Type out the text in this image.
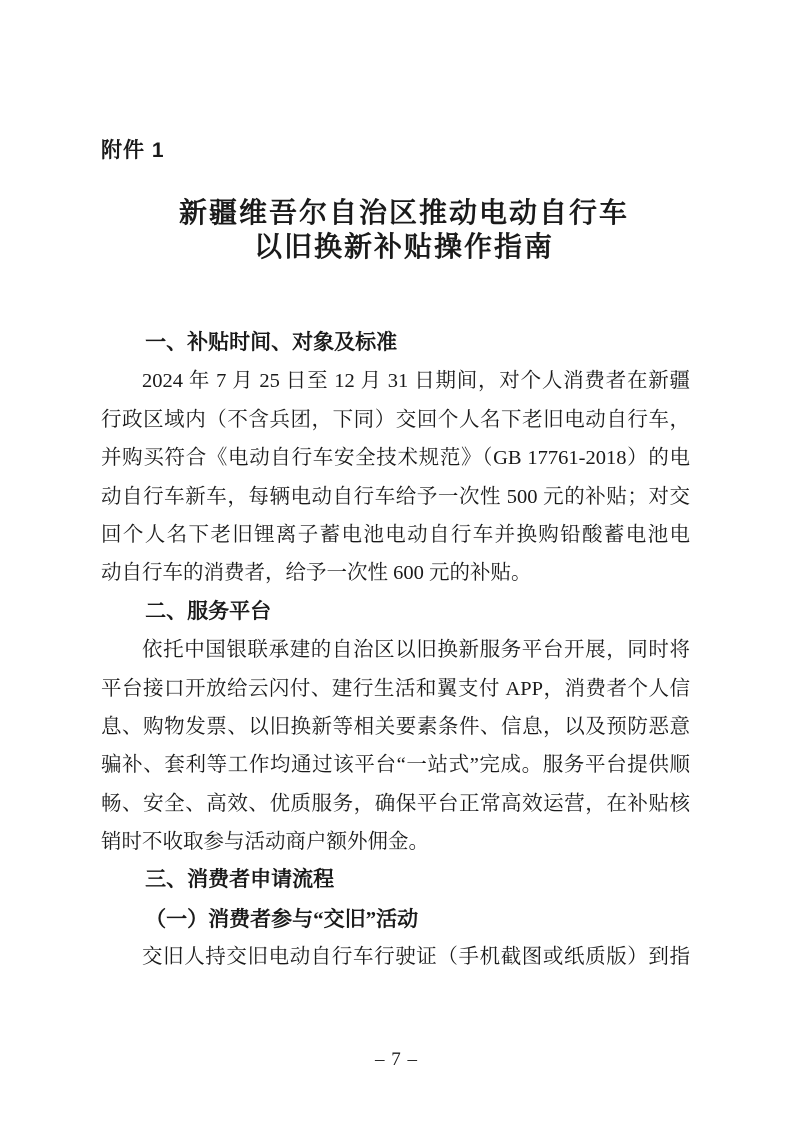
附件 1
新疆维吾尔自治区推动电动自行车
以旧换新补贴操作指南
一、补贴时间、对象及标准
2024 年 7 月 25 日至 12 月 31 日期间，对个人消费者在新疆
行政区域内（不含兵团，下同）交回个人名下老旧电动自行车，
并购买符合《电动自行车安全技术规范》（GB 17761-2018）的电
动自行车新车，每辆电动自行车给予一次性 500 元的补贴；对交
回个人名下老旧锂离子蓄电池电动自行车并换购铅酸蓄电池电
动自行车的消费者，给予一次性 600 元的补贴。
二、服务平台
依托中国银联承建的自治区以旧换新服务平台开展，同时将
平台接口开放给云闪付、建行生活和翼支付 APP，消费者个人信
息、购物发票、以旧换新等相关要素条件、信息，以及预防恶意
骗补、套利等工作均通过该平台“一站式”完成。服务平台提供顺
畅、安全、高效、优质服务，确保平台正常高效运营，在补贴核
销时不收取参与活动商户额外佣金。
三、消费者申请流程
（一）消费者参与“交旧”活动
交旧人持交旧电动自行车行驶证（手机截图或纸质版）到指
– 7 –
